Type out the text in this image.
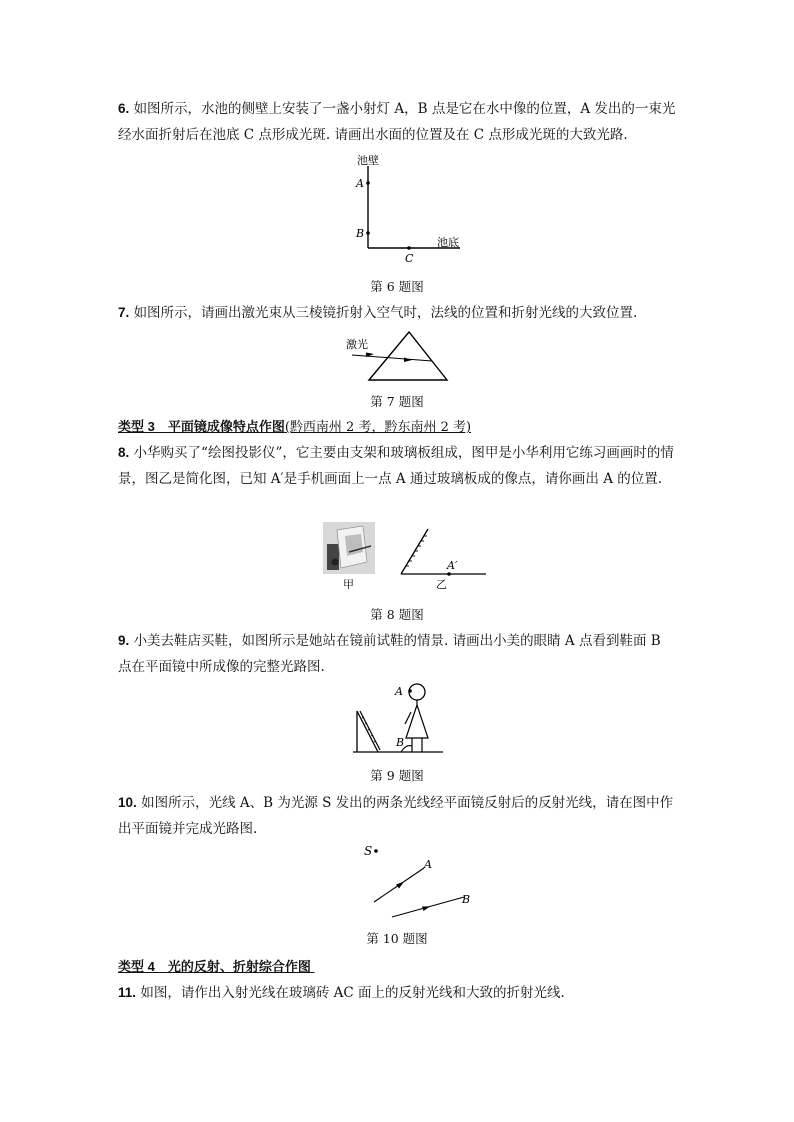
6. 如图所示，水池的侧壁上安装了一盏小射灯 A，B 点是它在水中像的位置，A 发出的一束光经水面折射后在池底 C 点形成光斑. 请画出水面的位置及在 C 点形成光斑的大致光路.
池壁
A
B
C
池底
第 6 题图
7. 如图所示，请画出激光束从三棱镜折射入空气时，法线的位置和折射光线的大致位置.
激光
第 7 题图
类型 3　平面镜成像特点作图(黔西南州 2 考，黔东南州 2 考)
8. 小华购买了“绘图投影仪”，它主要由支架和玻璃板组成，图甲是小华利用它练习画画时的情景，图乙是简化图，已知 A′是手机画面上一点 A 通过玻璃板成的像点，请你画出 A 的位置.
甲
A′
乙
第 8 题图
9. 小美去鞋店买鞋，如图所示是她站在镜前试鞋的情景. 请画出小美的眼睛 A 点看到鞋面 B 点在平面镜中所成像的完整光路图.
A
B
第 9 题图
10. 如图所示，光线 A、B 为光源 S 发出的两条光线经平面镜反射后的反射光线，请在图中作出平面镜并完成光路图.
S
A
B
第 10 题图
类型 4　光的反射、折射综合作图
11. 如图，请作出入射光线在玻璃砖 AC 面上的反射光线和大致的折射光线.
